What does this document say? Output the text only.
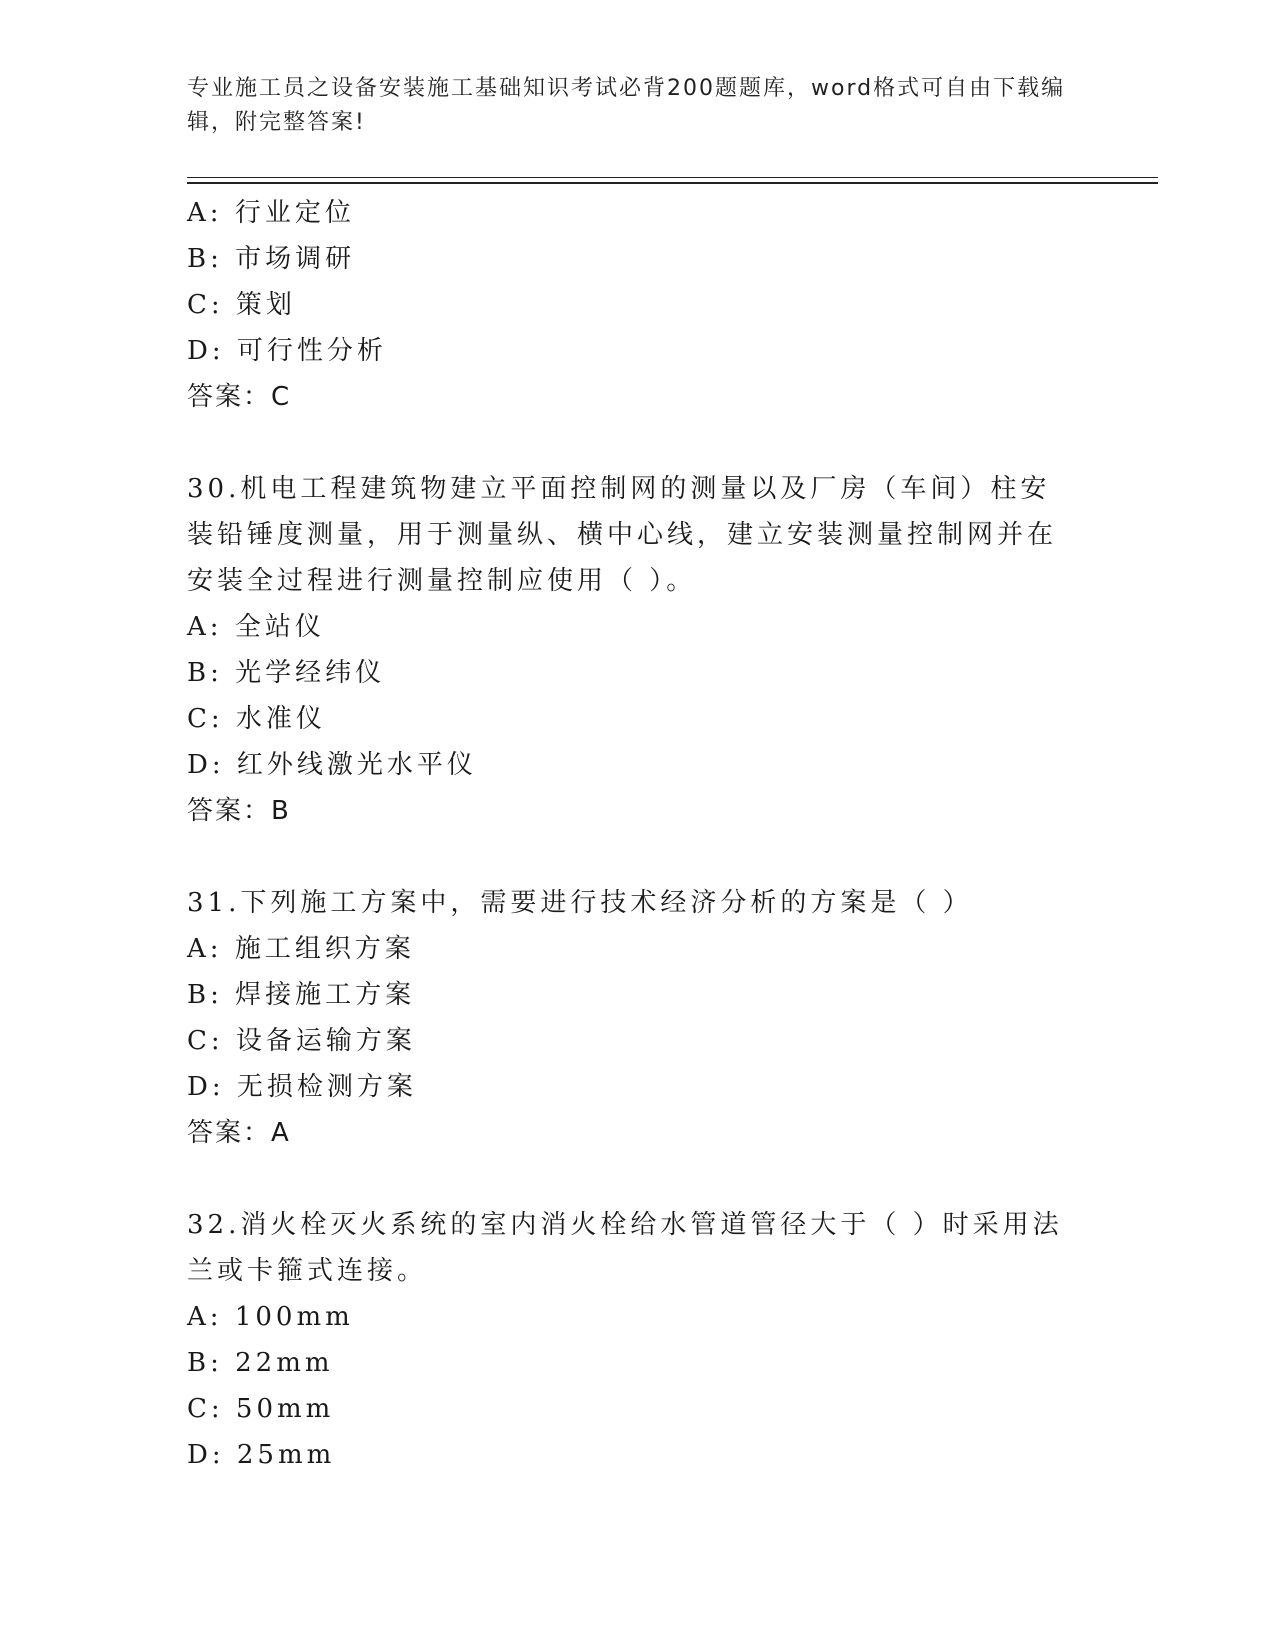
专业施工员之设备安装施工基础知识考试必背200题题库，word格式可自由下载编辑，附完整答案!
A: 行业定位
B: 市场调研
C: 策划
D: 可行性分析
答案：C
30.机电工程建筑物建立平面控制网的测量以及厂房（车间）柱安装铅锤度测量，用于测量纵、横中心线，建立安装测量控制网并在安装全过程进行测量控制应使用（ ）。
A: 全站仪
B: 光学经纬仪
C: 水准仪
D: 红外线激光水平仪
答案：B
31.下列施工方案中，需要进行技术经济分析的方案是（ ）
A: 施工组织方案
B: 焊接施工方案
C: 设备运输方案
D: 无损检测方案
答案：A
32.消火栓灭火系统的室内消火栓给水管道管径大于（ ）时采用法兰或卡箍式连接。
A: 100mm
B: 22mm
C: 50mm
D: 25mm
